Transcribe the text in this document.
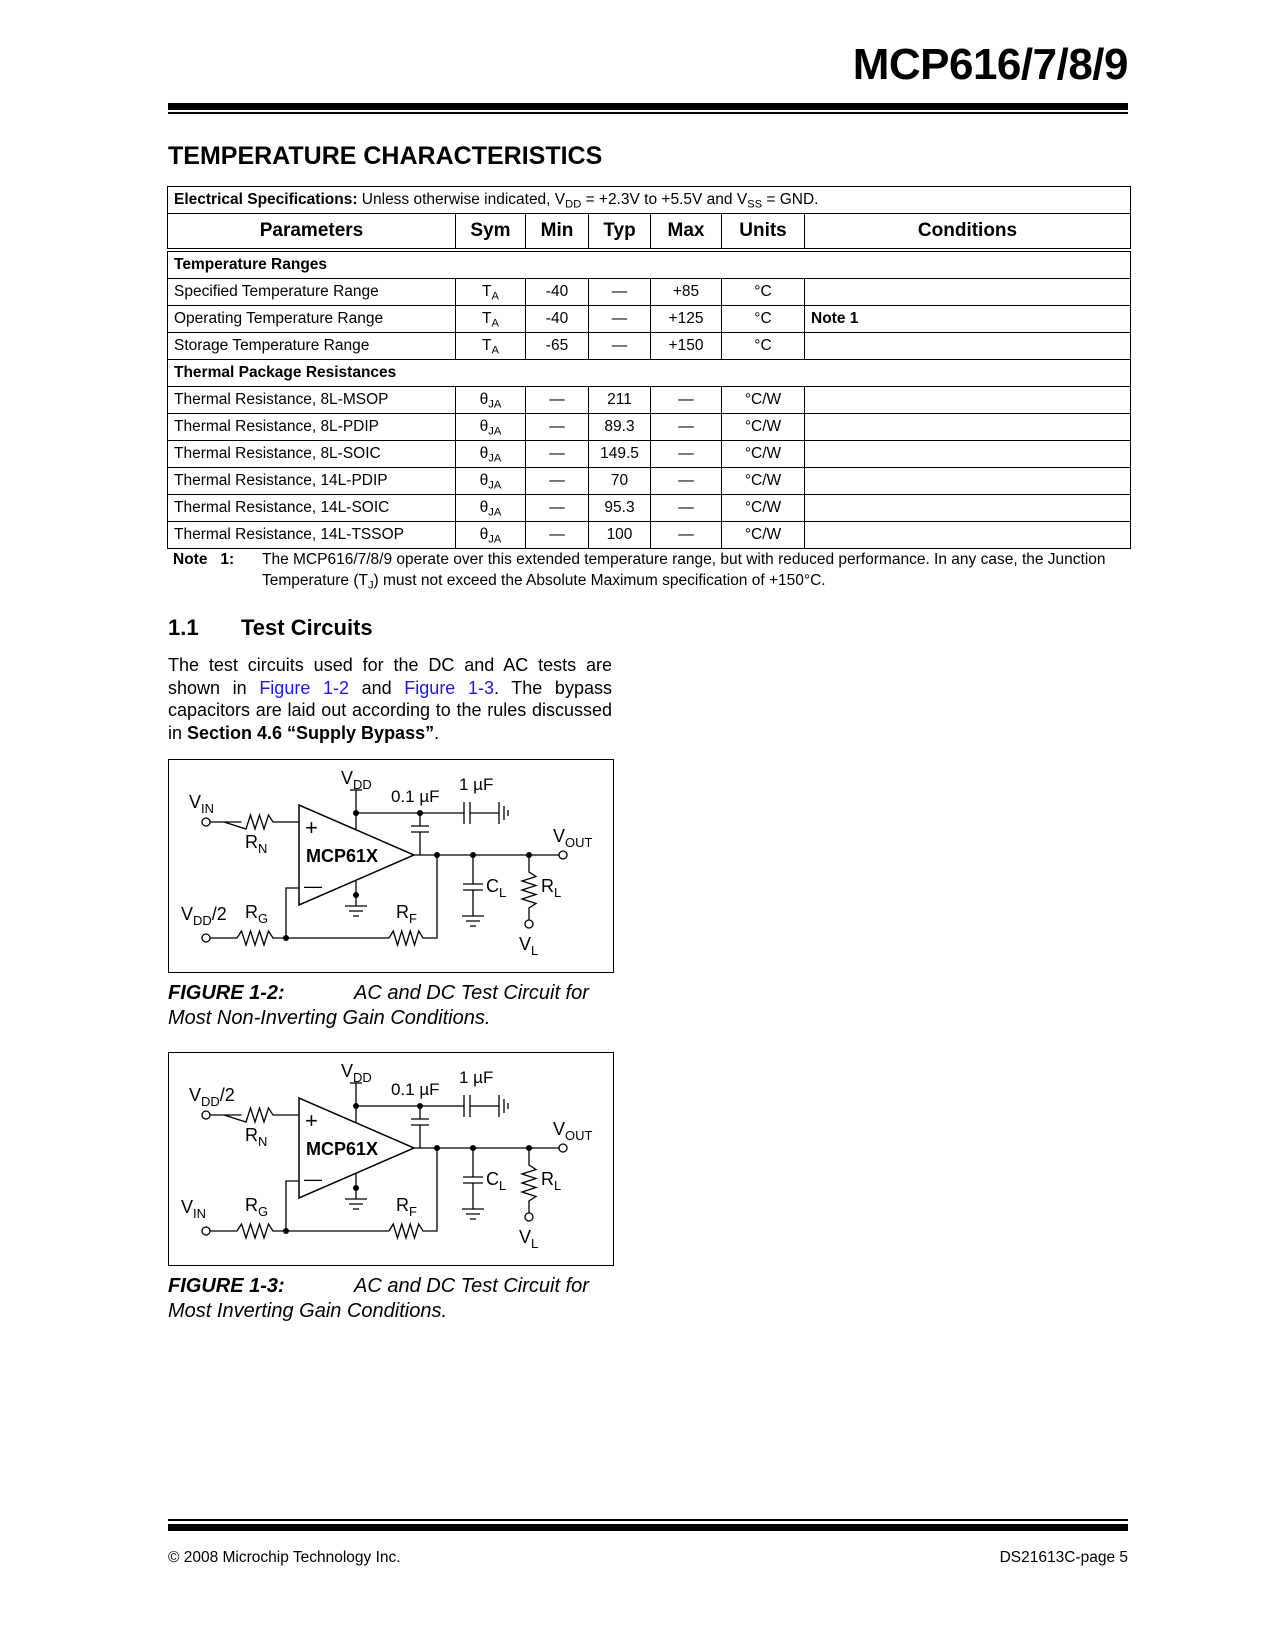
MCP616/7/8/9
TEMPERATURE CHARACTERISTICS
Electrical Specifications: Unless otherwise indicated, $V_{DD} = +2.3V$ to +5.5V and $V_{SS}$ = GND.						
Parameters	Sym	Min	Typ	Max	Units	Conditions
Temperature Ranges						
Specified Temperature Range	$T_A$	-40	—	+85	°C	
Operating Temperature Range	$T_A$	-40	—	+125	°C	Note 1
Storage Temperature Range	$T_A$	-65	—	+150	°C	
Thermal Package Resistances						
Thermal Resistance, 8L-MSOP	$\theta_{JA}$	—	211	—	°C/W	
Thermal Resistance, 8L-PDIP	$\theta_{JA}$	—	89.3	—	°C/W	
Thermal Resistance, 8L-SOIC	$\theta_{JA}$	—	149.5	—	°C/W	
Thermal Resistance, 14L-PDIP	$\theta_{JA}$	—	70	—	°C/W	
Thermal Resistance, 14L-SOIC	$\theta_{JA}$	—	95.3	—	°C/W	
Thermal Resistance, 14L-TSSOP	$\theta_{JA}$	—	100	—	°C/W	
Note   1: The MCP616/7/8/9 operate over this extended temperature range, but with reduced performance. In any case, the Junction Temperature $(T_J)$ must not exceed the Absolute Maximum specification of +150°C.
1.1 Test Circuits
The test circuits used for the DC and AC tests are shown in Figure 1-2 and Figure 1-3. The bypass capacitors are laid out according to the rules discussed in Section 4.6 “Supply Bypass”.
$V_{IN}$
$V_{DD}/2$
$V_{DD}$
0.1 µF
1 µF
$R_N$
$R_G$	$R_F$
MCP61X
+
—
$V_{OUT}$
$C_L$ $R_L$
$V_L$
FIGURE 1-2:	AC and DC Test Circuit for Most Non-Inverting Gain Conditions.
$V_{DD}/2$
$V_{IN}$
$V_{DD}$
0.1 µF
1 µF
$R_N$
$R_G$	$R_F$
MCP61X
+
—
$V_{OUT}$
$C_L$ $R_L$
$V_L$
FIGURE 1-3:	AC and DC Test Circuit for Most Inverting Gain Conditions.
© 2008 Microchip Technology Inc.	DS21613C-page 5
